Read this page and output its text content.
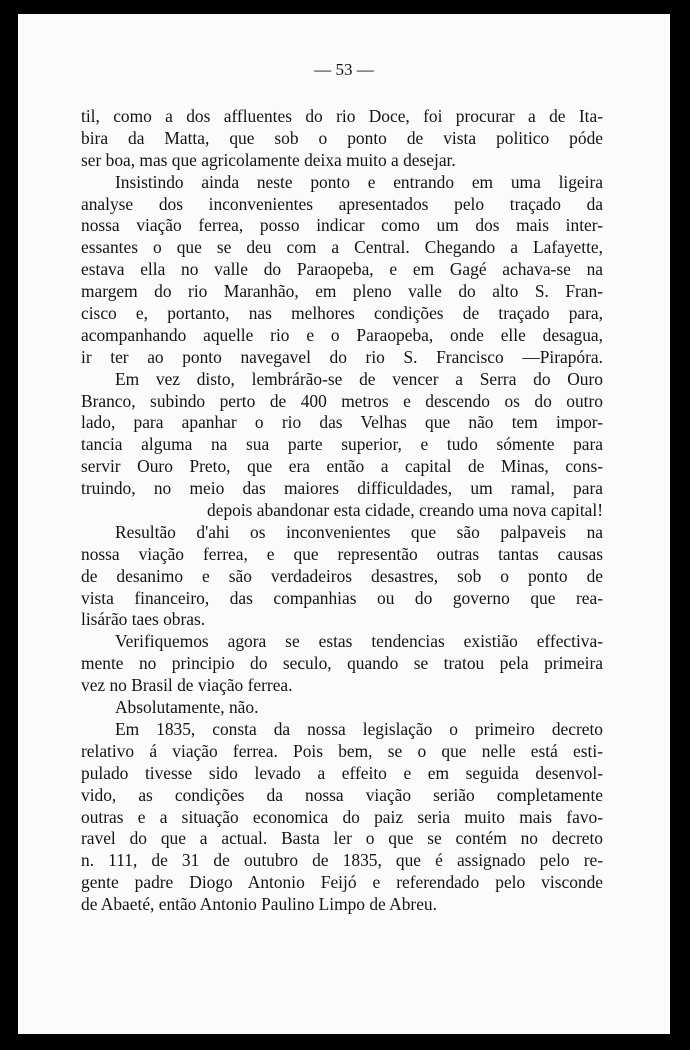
— 53 —
til, como a dos affluentes do rio Doce, foi procurar a de Ita-
bira da Matta, que sob o ponto de vista politico póde
ser boa, mas que agricolamente deixa muito a desejar.
Insistindo ainda neste ponto e entrando em uma ligeira
analyse dos inconvenientes apresentados pelo traçado da
nossa viação ferrea, posso indicar como um dos mais inter-
essantes o que se deu com a Central. Chegando a Lafayette,
estava ella no valle do Paraopeba, e em Gagé achava-se na
margem do rio Maranhão, em pleno valle do alto S. Fran-
cisco e, portanto, nas melhores condições de traçado para,
acompanhando aquelle rio e o Paraopeba, onde elle desagua,
ir ter ao ponto navegavel do rio S. Francisco —Pirapóra.
Em vez disto, lembrárão-se de vencer a Serra do Ouro
Branco, subindo perto de 400 metros e descendo os do outro
lado, para apanhar o rio das Velhas que não tem impor-
tancia alguma na sua parte superior, e tudo sómente para
servir Ouro Preto, que era então a capital de Minas, cons-
truindo, no meio das maiores difficuldades, um ramal, para
depois abandonar esta cidade, creando uma nova capital!
Resultão d'ahi os inconvenientes que são palpaveis na
nossa viação ferrea, e que representão outras tantas causas
de desanimo e são verdadeiros desastres, sob o ponto de
vista financeiro, das companhias ou do governo que rea-
lisárão taes obras.
Verifiquemos agora se estas tendencias existião effectiva-
mente no principio do seculo, quando se tratou pela primeira
vez no Brasil de viação ferrea.
Absolutamente, não.
Em 1835, consta da nossa legislação o primeiro decreto
relativo á viação ferrea. Pois bem, se o que nelle está esti-
pulado tivesse sido levado a effeito e em seguida desenvol-
vido, as condições da nossa viação serião completamente
outras e a situação economica do paiz seria muito mais favo-
ravel do que a actual. Basta ler o que se contém no decreto
n. 111, de 31 de outubro de 1835, que é assignado pelo re-
gente padre Diogo Antonio Feijó e referendado pelo visconde
de Abaeté, então Antonio Paulino Limpo de Abreu.
